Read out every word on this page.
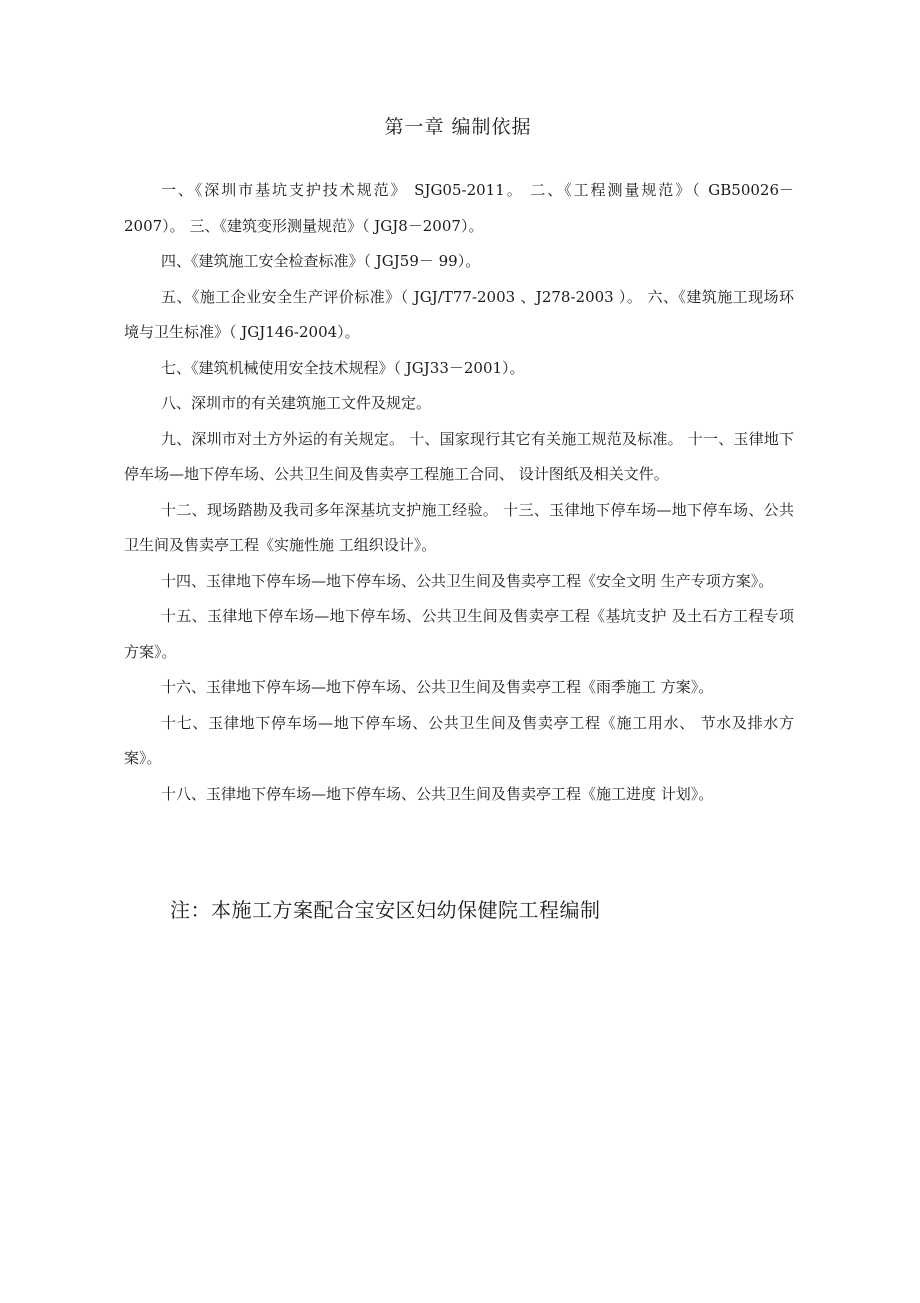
第一章 编制依据

一、《深圳市基坑支护技术规范》 SJG05-2011。 二、《工程测量规范》（ GB50026－2007）。 三、《建筑变形测量规范》（ JGJ8－2007）。

四、《建筑施工安全检查标准》（ JGJ59－ 99）。

五、《施工企业安全生产评价标准》（ JGJ/T77-2003 、J278-2003 ）。 六、《建筑施工现场环境与卫生标准》（ JGJ146-2004）。

七、《建筑机械使用安全技术规程》（ JGJ33－2001）。

八、深圳市的有关建筑施工文件及规定。

九、深圳市对土方外运的有关规定。 十、国家现行其它有关施工规范及标准。 十一、玉律地下停车场—地下停车场、公共卫生间及售卖亭工程施工合同、 设计图纸及相关文件。

十二、现场踏勘及我司多年深基坑支护施工经验。 十三、玉律地下停车场—地下停车场、公共卫生间及售卖亭工程《实施性施 工组织设计》。

十四、玉律地下停车场—地下停车场、公共卫生间及售卖亭工程《安全文明 生产专项方案》。

十五、玉律地下停车场—地下停车场、公共卫生间及售卖亭工程《基坑支护 及土石方工程专项方案》。

十六、玉律地下停车场—地下停车场、公共卫生间及售卖亭工程《雨季施工 方案》。

十七、玉律地下停车场—地下停车场、公共卫生间及售卖亭工程《施工用水、 节水及排水方案》。

十八、玉律地下停车场—地下停车场、公共卫生间及售卖亭工程《施工进度 计划》。

注：本施工方案配合宝安区妇幼保健院工程编制
